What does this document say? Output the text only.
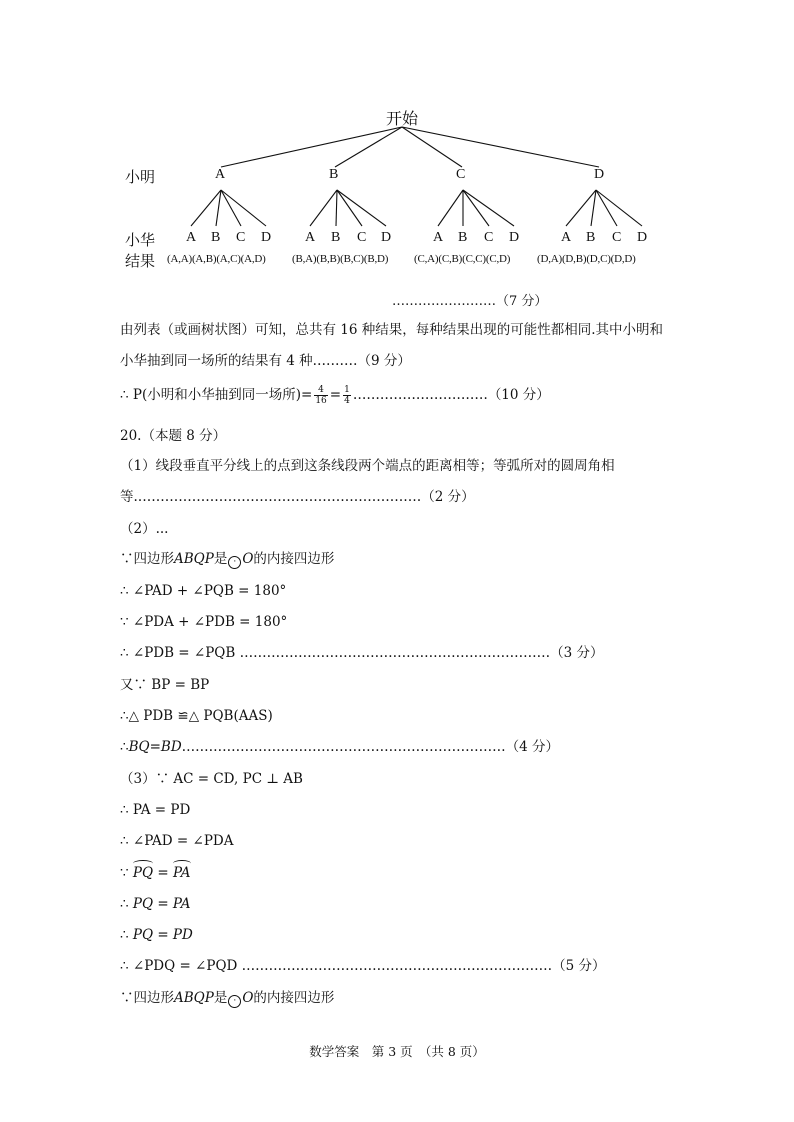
开始
小明
小华
结果
A	B	C	D
A B C D A B C D	A B C D	A B C D
(A,A)(A,B)(A,C)(A,D) (B,A)(B,B)(B,C)(B,D) (C,A)(C,B)(C,C)(C,D) (D,A)(D,B)(D,C)(D,D)
……………………（7 分）
由列表（或画树状图）可知，总共有 16 种结果，每种结果出现的可能性都相同.其中小明和
小华抽到同一场所的结果有 4 种.………（9 分）
∴ P(小明和小华抽到同一场所)= $\frac{4}{16} = \frac{1}{4}$ …………………………（10 分）
20.（本题 8 分）
（1）线段垂直平分线上的点到这条线段两个端点的距离相等；等弧所对的圆周角相
等.………………………………………………………（2 分）
（2）...
∵四边形ABQP是 · O的内接四边形
∴ ∠PAD + ∠PQB = 180°
∵ ∠PDA + ∠PDB = 180°
∴ ∠PDB = ∠PQB ……………………………………………………………（3 分）
又∵ BP = BP
∴△ PDB ≌△ PQB(AAS)
∴BQ=BD………………………………………………………………（4 分）
（3）∵ AC = CD, PC ⊥ AB
∴ PA = PD
∴ ∠PAD = ∠PDA
∵ PQ = PA
∴ PQ = PA
∴ PQ = PD
∴ ∠PDQ = ∠PQD ……………………………………………………………（5 分）
∵四边形ABQP是 · O的内接四边形
数学答案　第 3 页　（共 8 页）
